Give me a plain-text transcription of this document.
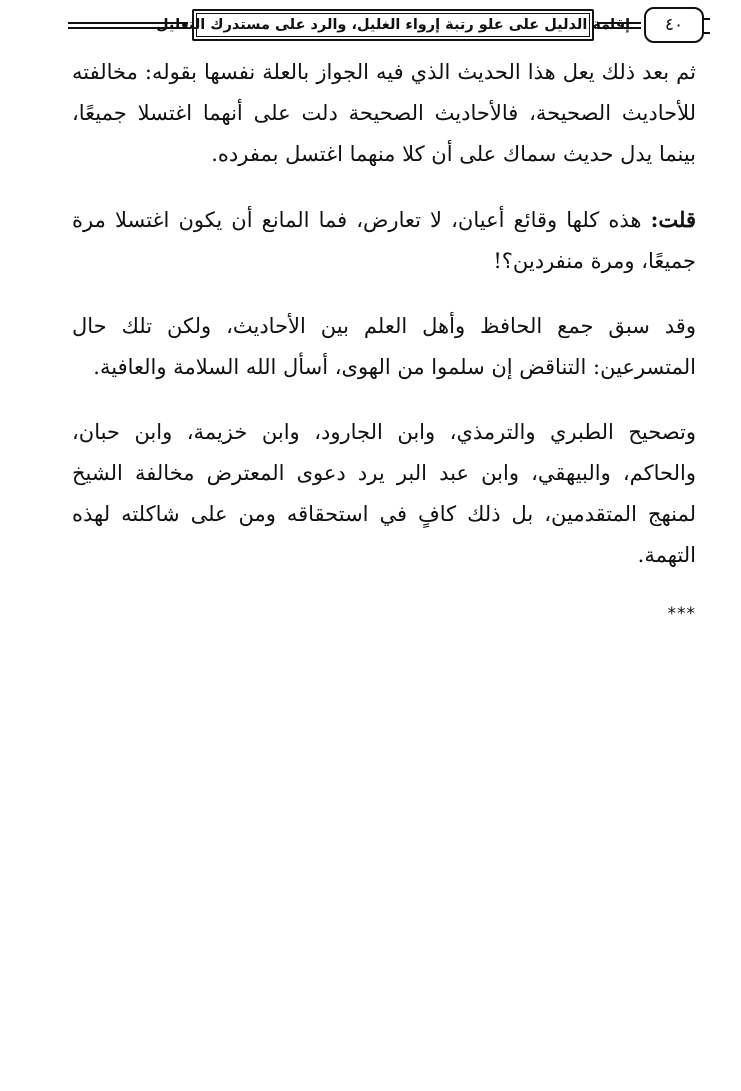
إقامة الدليل على علو رتبة إرواء الغليل، والرد على مستدرك التعليل ٤٠

ثم بعد ذلك يعل هذا الحديث الذي فيه الجواز بالعلة نفسها بقوله: مخالفته للأحاديث الصحيحة، فالأحاديث الصحيحة دلت على أنهما اغتسلا جميعًا، بينما يدل حديث سماك على أن كلا منهما اغتسل بمفرده.

قلت: هذه كلها وقائع أعيان، لا تعارض، فما المانع أن يكون اغتسلا مرة جميعًا، ومرة منفردين؟!

وقد سبق جمع الحافظ وأهل العلم بين الأحاديث، ولكن تلك حال المتسرعين: التناقض إن سلموا من الهوى، أسأل الله السلامة والعافية.

وتصحيح الطبري والترمذي، وابن الجارود، وابن خزيمة، وابن حبان، والحاكم، والبيهقي، وابن عبد البر يرد دعوى المعترض مخالفة الشيخ لمنهج المتقدمين، بل ذلك كافٍ في استحقاقه ومن على شاكلته لهذه التهمة.

***
